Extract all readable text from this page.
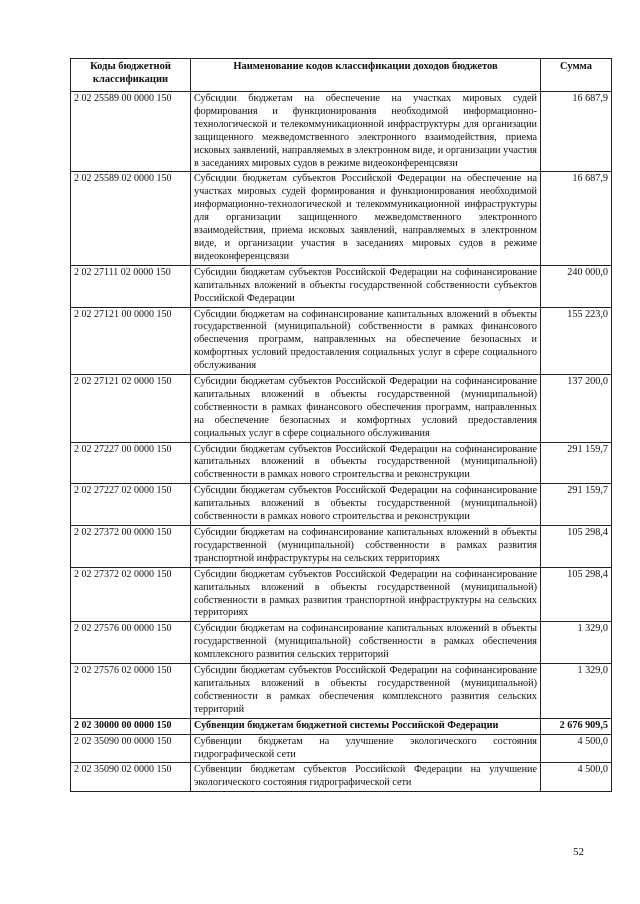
Коды бюджетной классификации	Наименование кодов классификации доходов бюджетов	Сумма
2 02 25589 00 0000 150	Субсидии бюджетам на обеспечение на участках мировых судей формирования и функционирования необходимой информационно-технологической и телекоммуникационной инфраструктуры для организации защищенного межведомственного электронного взаимодействия, приема исковых заявлений, направляемых в электронном виде, и организации участия в заседаниях мировых судов в режиме видеоконференцсвязи	16 687,9
2 02 25589 02 0000 150	Субсидии бюджетам субъектов Российской Федерации на обеспечение на участках мировых судей формирования и функционирования необходимой информационно-технологической и телекоммуникационной инфраструктуры для организации защищенного межведомственного электронного взаимодействия, приема исковых заявлений, направляемых в электронном виде, и организации участия в заседаниях мировых судов в режиме видеоконференцсвязи	16 687,9
2 02 27111 02 0000 150	Субсидии бюджетам субъектов Российской Федерации на софинансирование капитальных вложений в объекты государственной собственности субъектов Российской Федерации	240 000,0
2 02 27121 00 0000 150	Субсидии бюджетам на софинансирование капитальных вложений в объекты государственной (муниципальной) собственности в рамках финансового обеспечения программ, направленных на обеспечение безопасных и комфортных условий предоставления социальных услуг в сфере социального обслуживания	155 223,0
2 02 27121 02 0000 150	Субсидии бюджетам субъектов Российской Федерации на софинансирование капитальных вложений в объекты государственной (муниципальной) собственности в рамках финансового обеспечения программ, направленных на обеспечение безопасных и комфортных условий предоставления социальных услуг в сфере социального обслуживания	137 200,0
2 02 27227 00 0000 150	Субсидии бюджетам субъектов Российской Федерации на софинансирование капитальных вложений в объекты государственной (муниципальной) собственности в рамках нового строительства и реконструкции	291 159,7
2 02 27227 02 0000 150	Субсидии бюджетам субъектов Российской Федерации на софинансирование капитальных вложений в объекты государственной (муниципальной) собственности в рамках нового строительства и реконструкции	291 159,7
2 02 27372 00 0000 150	Субсидии бюджетам на софинансирование капитальных вложений в объекты государственной (муниципальной) собственности в рамках развития транспортной инфраструктуры на сельских территориях	105 298,4
2 02 27372 02 0000 150	Субсидии бюджетам субъектов Российской Федерации на софинансирование капитальных вложений в объекты государственной (муниципальной) собственности в рамках развития транспортной инфраструктуры на сельских территориях	105 298,4
2 02 27576 00 0000 150	Субсидии бюджетам на софинансирование капитальных вложений в объекты государственной (муниципальной) собственности в рамках обеспечения комплексного развития сельских территорий	1 329,0
2 02 27576 02 0000 150	Субсидии бюджетам субъектов Российской Федерации на софинансирование капитальных вложений в объекты государственной (муниципальной) собственности в рамках обеспечения комплексного развития сельских территорий	1 329,0
2 02 30000 00 0000 150	Субвенции бюджетам бюджетной системы Российской Федерации	2 676 909,5
2 02 35090 00 0000 150	Субвенции бюджетам на улучшение экологического состояния гидрографической сети	4 500,0
2 02 35090 02 0000 150	Субвенции бюджетам субъектов Российской Федерации на улучшение экологического состояния гидрографической сети	4 500,0
52
